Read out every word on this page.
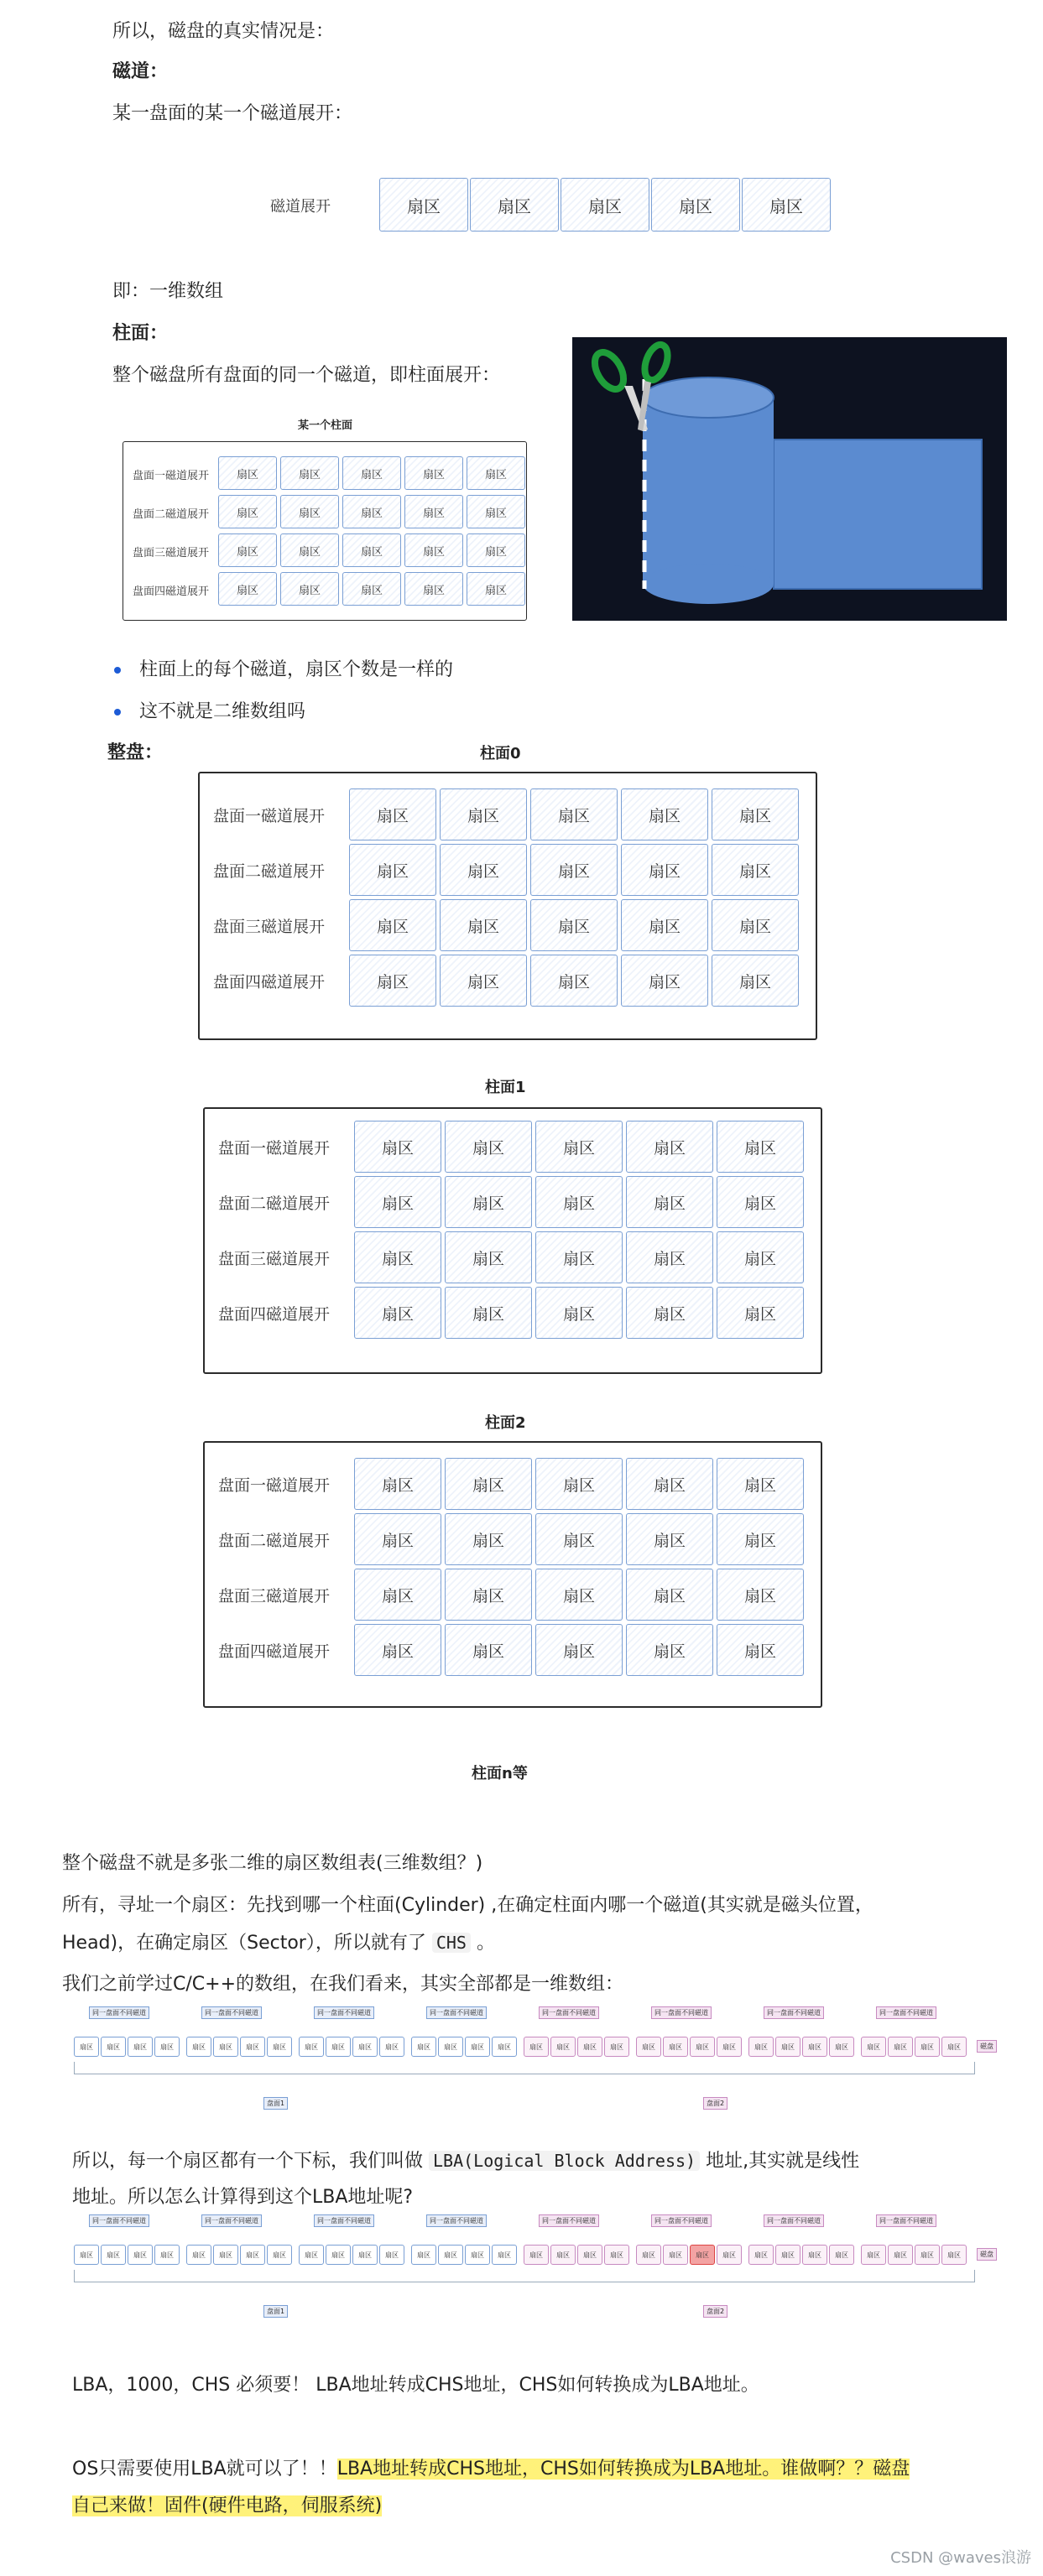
所以，磁盘的真实情况是：
磁道：
某一盘面的某一个磁道展开：
磁道展开	扇区	扇区	扇区	扇区	扇区
即：一维数组
柱面：
整个磁盘所有盘面的同一个磁道，即柱面展开：
某一个柱面
盘面一磁道展开	扇区	扇区	扇区	扇区	扇区
盘面二磁道展开	扇区	扇区	扇区	扇区	扇区
盘面三磁道展开	扇区	扇区	扇区	扇区	扇区
盘面四磁道展开	扇区	扇区	扇区	扇区	扇区
柱面上的每个磁道，扇区个数是一样的
这不就是二维数组吗
整盘：	柱面0
盘面一磁道展开	扇区	扇区	扇区	扇区	扇区
盘面二磁道展开	扇区	扇区	扇区	扇区	扇区
盘面三磁道展开	扇区	扇区	扇区	扇区	扇区
盘面四磁道展开	扇区	扇区	扇区	扇区	扇区
柱面1
盘面一磁道展开	扇区	扇区	扇区	扇区	扇区
盘面二磁道展开	扇区	扇区	扇区	扇区	扇区
盘面三磁道展开	扇区	扇区	扇区	扇区	扇区
盘面四磁道展开	扇区	扇区	扇区	扇区	扇区
柱面2
盘面一磁道展开	扇区	扇区	扇区	扇区	扇区
盘面二磁道展开	扇区	扇区	扇区	扇区	扇区
盘面三磁道展开	扇区	扇区	扇区	扇区	扇区
盘面四磁道展开	扇区	扇区	扇区	扇区	扇区
柱面n等
整个磁盘不就是多张二维的扇区数组表(三维数组？)
所有，寻址一个扇区：先找到哪一个柱面(Cylinder) ,在确定柱面内哪一个磁道(其实就是磁头位置，
Head)，在确定扇区（Sector），所以就有了 CHS 。
我们之前学过C/C++的数组，在我们看来，其实全部都是一维数组：
扇区	扇区	扇区	扇区
同一盘面不同磁道
扇区	扇区	扇区	扇区
同一盘面不同磁道
扇区	扇区	扇区	扇区
同一盘面不同磁道
扇区	扇区	扇区	扇区
同一盘面不同磁道
扇区	扇区	扇区	扇区
同一盘面不同磁道
扇区	扇区	扇区	扇区
同一盘面不同磁道
扇区	扇区	扇区	扇区
同一盘面不同磁道
扇区	扇区	扇区	扇区
同一盘面不同磁道
磁盘
盘面1	盘面2
所以，每一个扇区都有一个下标，我们叫做 LBA(Logical Block Address) 地址,其实就是线性
地址。所以怎么计算得到这个LBA地址呢?
扇区	扇区	扇区	扇区
同一盘面不同磁道
扇区	扇区	扇区	扇区
同一盘面不同磁道
扇区	扇区	扇区	扇区
同一盘面不同磁道
扇区	扇区	扇区	扇区
同一盘面不同磁道
扇区	扇区	扇区	扇区
同一盘面不同磁道
扇区	扇区	扇区	扇区
同一盘面不同磁道
扇区	扇区	扇区	扇区
同一盘面不同磁道
扇区	扇区	扇区	扇区
同一盘面不同磁道
磁盘
盘面1	盘面2
LBA，1000，CHS 必须要！ LBA地址转成CHS地址，CHS如何转换成为LBA地址。
OS只需要使用LBA就可以了！！LBA地址转成CHS地址，CHS如何转换成为LBA地址。谁做啊？？磁盘
自己来做！固件(硬件电路，伺服系统)
CSDN @waves浪游
